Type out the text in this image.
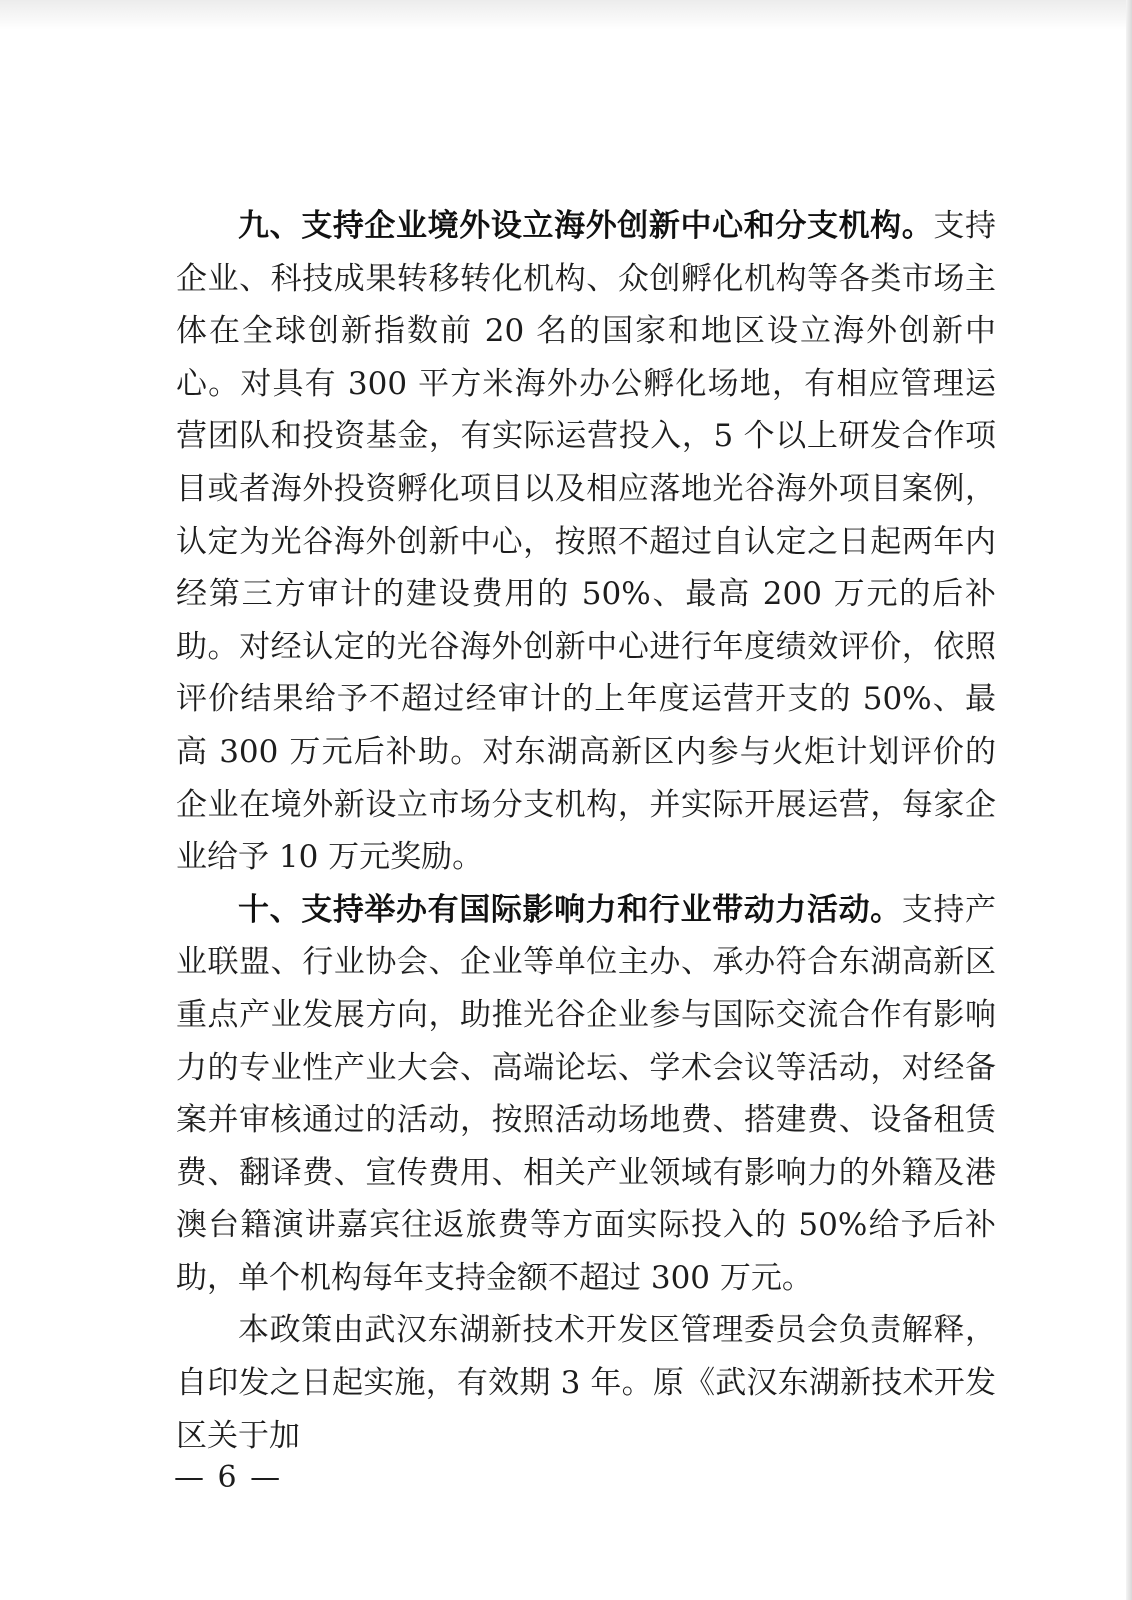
九、支持企业境外设立海外创新中心和分支机构。支持企业、科技成果转移转化机构、众创孵化机构等各类市场主体在全球创新指数前 20 名的国家和地区设立海外创新中心。对具有 300 平方米海外办公孵化场地，有相应管理运营团队和投资基金，有实际运营投入，5 个以上研发合作项目或者海外投资孵化项目以及相应落地光谷海外项目案例，认定为光谷海外创新中心，按照不超过自认定之日起两年内经第三方审计的建设费用的 50%、最高 200 万元的后补助。对经认定的光谷海外创新中心进行年度绩效评价，依照评价结果给予不超过经审计的上年度运营开支的 50%、最高 300 万元后补助。对东湖高新区内参与火炬计划评价的企业在境外新设立市场分支机构，并实际开展运营，每家企业给予 10 万元奖励。

十、支持举办有国际影响力和行业带动力活动。支持产业联盟、行业协会、企业等单位主办、承办符合东湖高新区重点产业发展方向，助推光谷企业参与国际交流合作有影响力的专业性产业大会、高端论坛、学术会议等活动，对经备案并审核通过的活动，按照活动场地费、搭建费、设备租赁费、翻译费、宣传费用、相关产业领域有影响力的外籍及港澳台籍演讲嘉宾往返旅费等方面实际投入的 50%给予后补助，单个机构每年支持金额不超过 300 万元。

本政策由武汉东湖新技术开发区管理委员会负责解释，自印发之日起实施，有效期 3 年。原《武汉东湖新技术开发区关于加

— 6 —
